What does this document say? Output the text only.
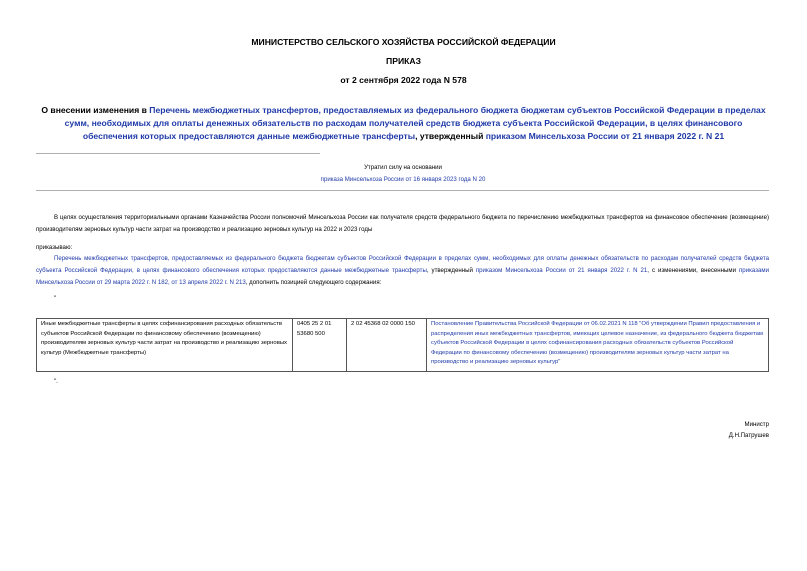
МИНИСТЕРСТВО СЕЛЬСКОГО ХОЗЯЙСТВА РОССИЙСКОЙ ФЕДЕРАЦИИ
ПРИКАЗ
от 2 сентября 2022 года N 578
О внесении изменения в Перечень межбюджетных трансфертов, предоставляемых из федерального бюджета бюджетам субъектов Российской Федерации в пределах сумм, необходимых для оплаты денежных обязательств по расходам получателей средств бюджета субъекта Российской Федерации, в целях финансового обеспечения которых предоставляются данные межбюджетные трансферты, утвержденный приказом Минсельхоза России от 21 января 2022 г. N 21
Утратил силу на основании
приказа Минсельхоза России от 16 января 2023 года N 20
В целях осуществления территориальными органами Казначейства России полномочий Минсельхоза России как получателя средств федерального бюджета по перечислению межбюджетных трансфертов на финансовое обеспечение (возмещение) производителям зерновых культур части затрат на производство и реализацию зерновых культур на 2022 и 2023 годы
приказываю:
Перечень межбюджетных трансфертов, предоставляемых из федерального бюджета бюджетам субъектов Российской Федерации в пределах сумм, необходимых для оплаты денежных обязательств по расходам получателей средств бюджета субъекта Российской Федерации, в целях финансового обеспечения которых предоставляются данные межбюджетные трансферты, утвержденный приказом Минсельхоза России от 21 января 2022 г. N 21, с изменениями, внесенными приказами Минсельхоза России от 29 марта 2022 г. N 182, от 13 апреля 2022 г. N 213, дополнить позицией следующего содержания:
"
Иные межбюджетные трансферты в целях софинансирования расходных обязательств субъектов Российской Федерации по финансовому обеспечению (возмещению) производителям зерновых культур части затрат на производство и реализацию зерновых культур (Межбюджетные трансферты)	0405 25 2 01 53680 500	2 02 45368 02 0000 150	Постановление Правительства Российской Федерации от 06.02.2021 N 118 "Об утверждении Правил предоставления и распределения иных межбюджетных трансфертов, имеющих целевое назначение, из федерального бюджета бюджетам субъектов Российской Федерации в целях софинансирования расходных обязательств субъектов Российской Федерации по финансовому обеспечению (возмещению) производителям зерновых культур части затрат на производство и реализацию зерновых культур"
".
Министр
Д.Н.Патрушев
